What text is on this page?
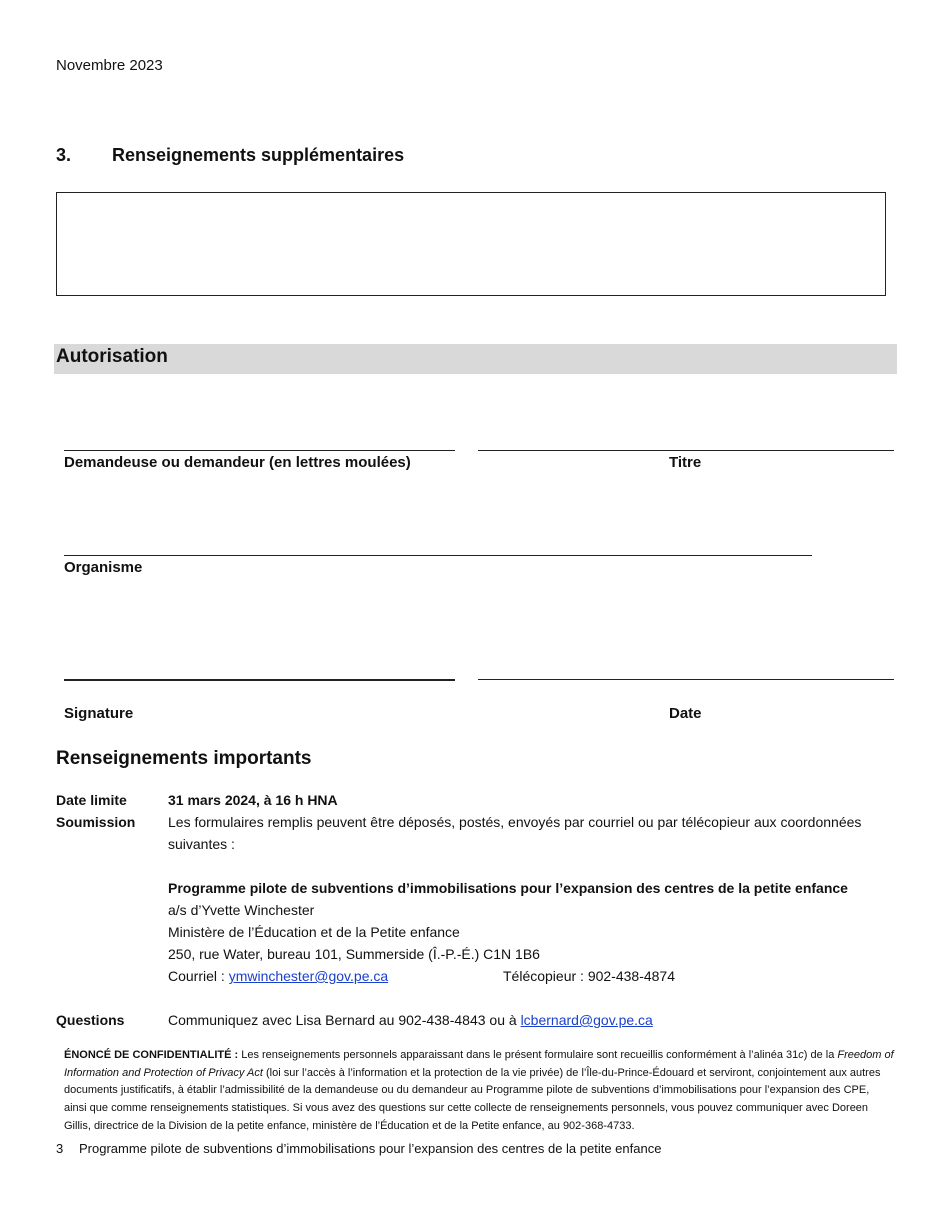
Novembre 2023
3. Renseignements supplémentaires
Autorisation
Demandeuse ou demandeur (en lettres moulées)	Titre
Organisme
Signature	Date
Renseignements importants
Date limite	31 mars 2024, à 16 h HNA
Soumission Les formulaires remplis peuvent être déposés, postés, envoyés par courriel ou par télécopieur aux coordonnées
suivantes :
Programme pilote de subventions d’immobilisations pour l’expansion des centres de la petite enfance
a/s d’Yvette Winchester
Ministère de l’Éducation et de la Petite enfance
250, rue Water, bureau 101, Summerside (Î.-P.-É.) C1N 1B6
Courriel : ymwinchester@gov.pe.ca	Télécopieur : 902-438-4874
Questions	Communiquez avec Lisa Bernard au 902-438-4843 ou à lcbernard@gov.pe.ca
ÉNONCÉ DE CONFIDENTIALITÉ : Les renseignements personnels apparaissant dans le présent formulaire sont recueillis conformément à l’alinéa 31c) de la Freedom of Information and Protection of Privacy Act (loi sur l’accès à l’information et la protection de la vie privée) de l’Île-du-Prince-Édouard et serviront, conjointement aux autres documents justificatifs, à établir l’admissibilité de la demandeuse ou du demandeur au Programme pilote de subventions d’immobilisations pour l’expansion des CPE, ainsi que comme renseignements statistiques. Si vous avez des questions sur cette collecte de renseignements personnels, vous pouvez communiquer avec Doreen Gillis, directrice de la Division de la petite enfance, ministère de l’Éducation et de la Petite enfance, au 902-368-4733.
3 Programme pilote de subventions d’immobilisations pour l’expansion des centres de la petite enfance
